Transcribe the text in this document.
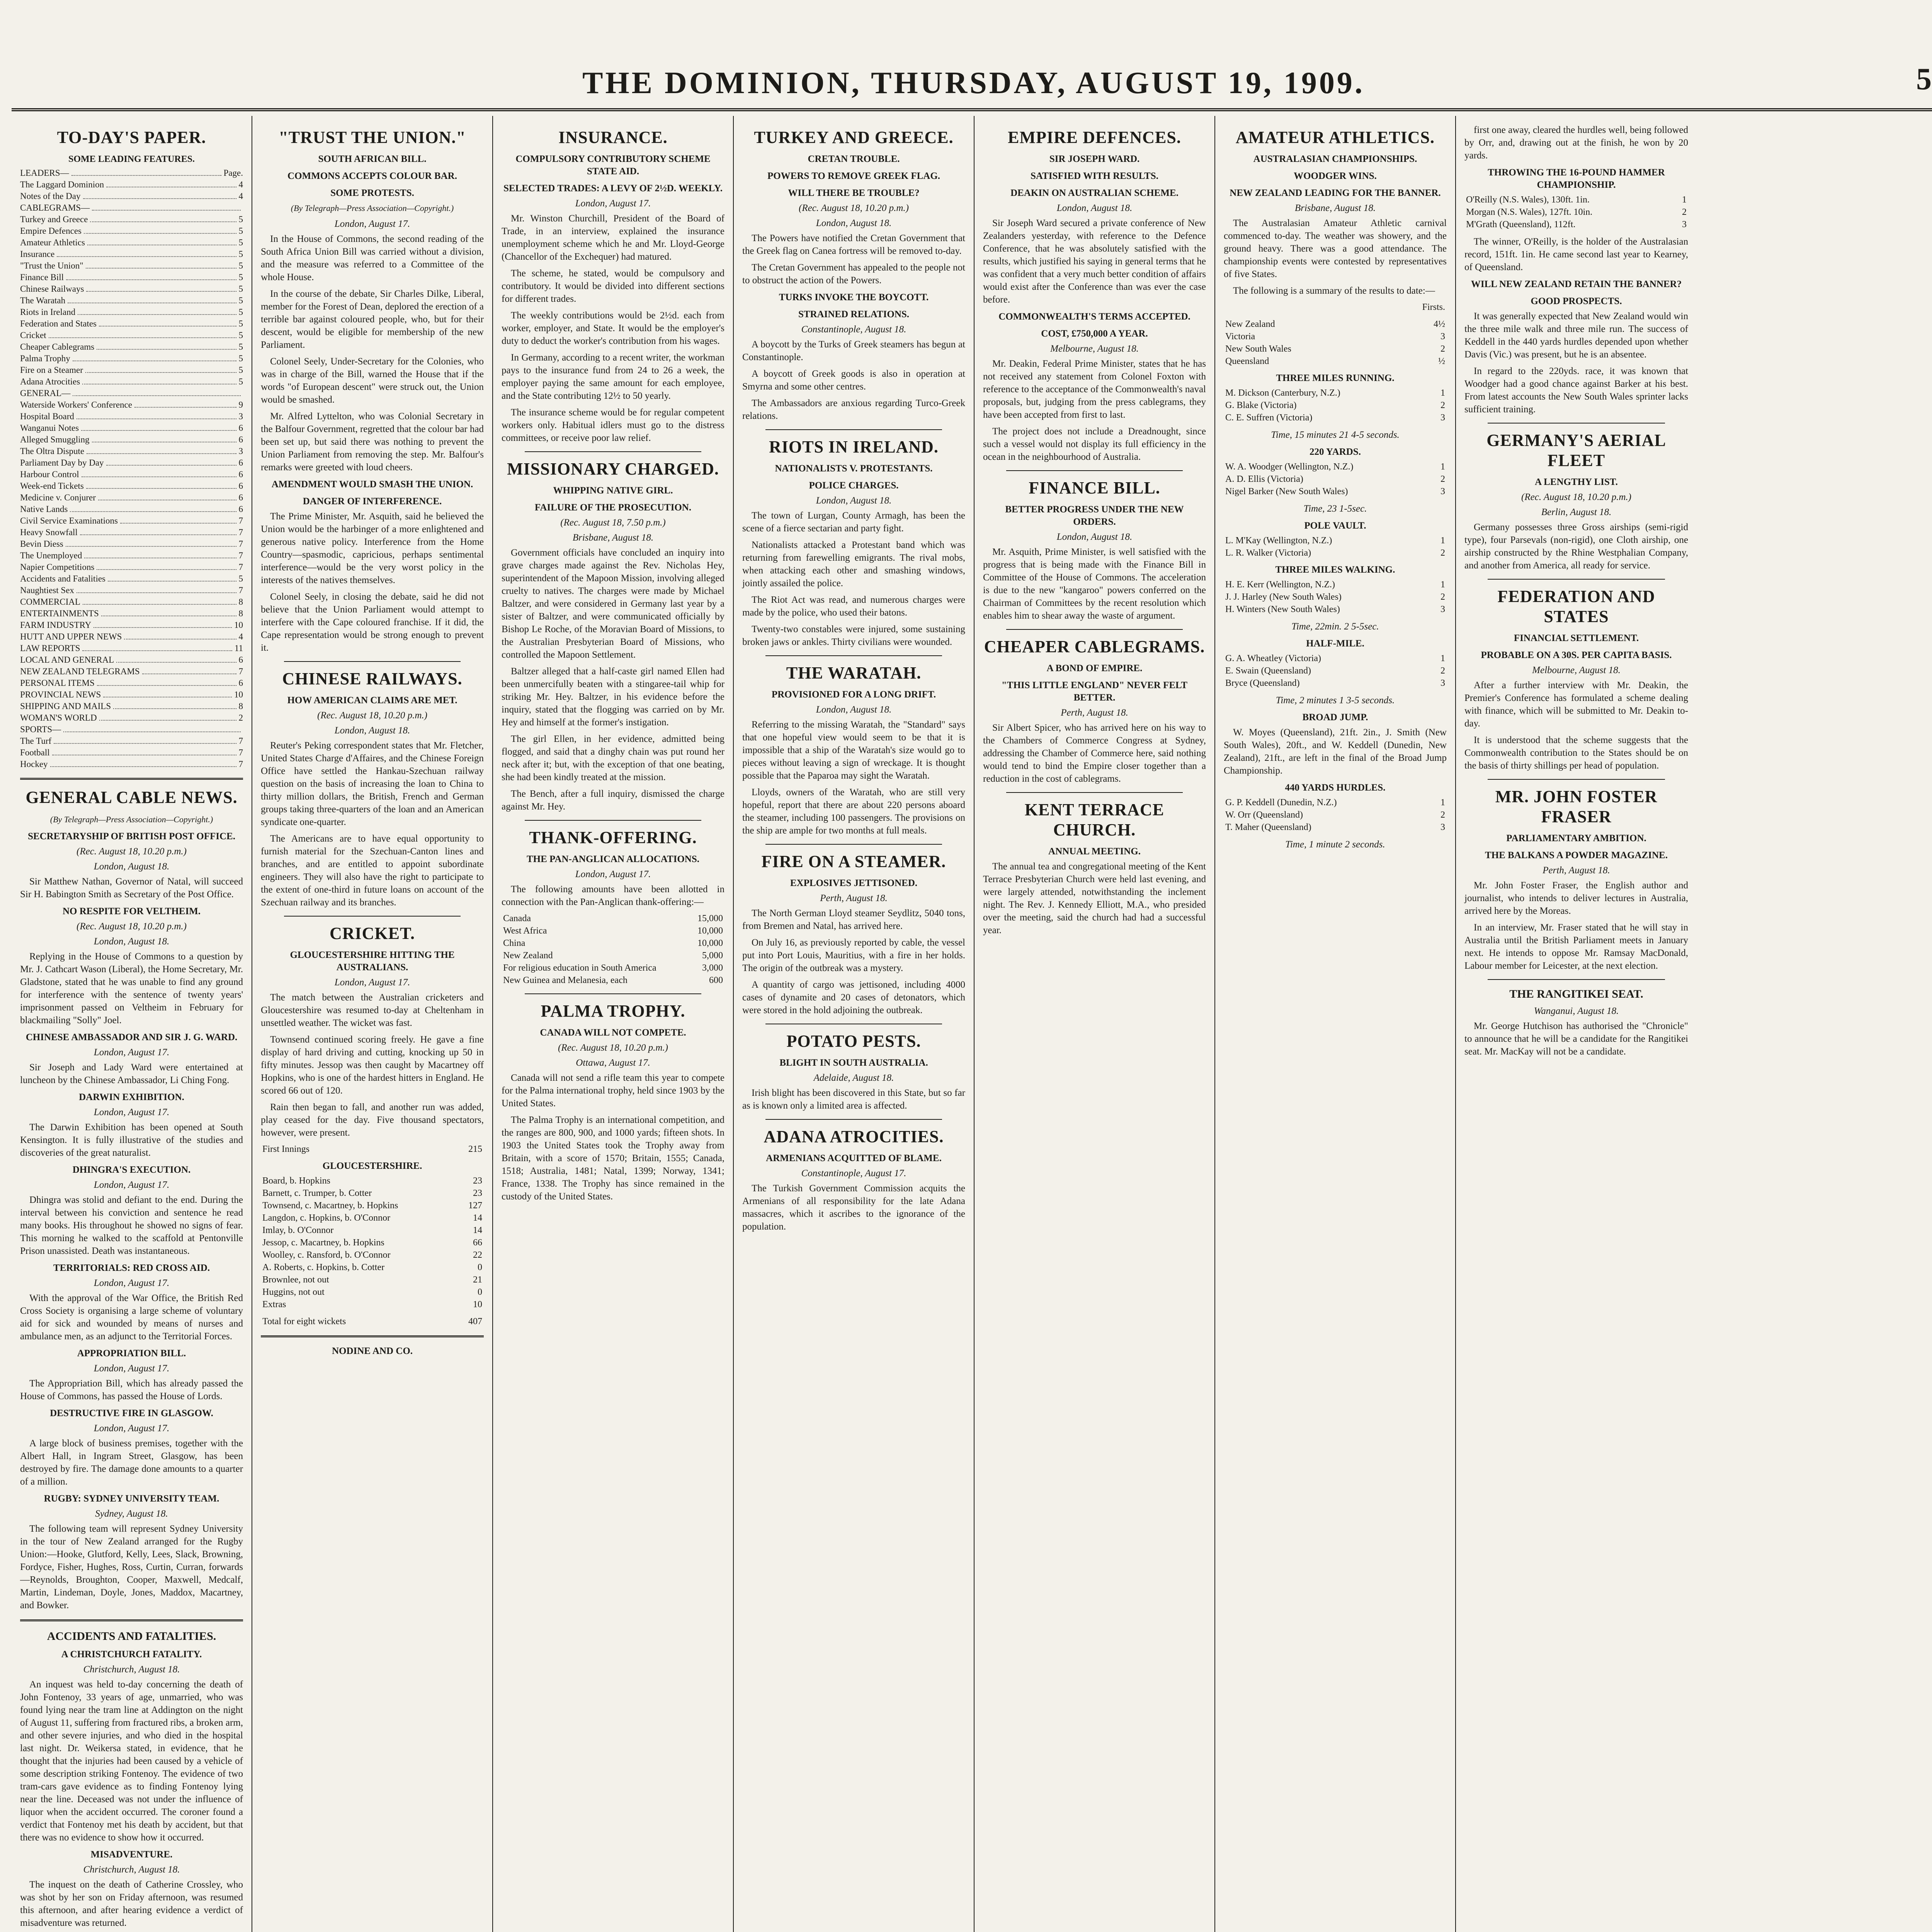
THE DOMINION, THURSDAY, AUGUST 19, 1909.	5
TO-DAY'S PAPER.
SOME LEADING FEATURES.
LEADERS—	Page.
The Laggard Dominion	4
Notes of the Day	4
CABLEGRAMS—
Turkey and Greece	5
Empire Defences	5
Amateur Athletics	5
Insurance	5
"Trust the Union"	5
Finance Bill	5
Chinese Railways	5
The Waratah	5
Riots in Ireland	5
Federation and States	5
Cricket	5
Cheaper Cablegrams	5
Palma Trophy	5
Fire on a Steamer	5
Adana Atrocities	5
GENERAL—
Waterside Workers' Conference	9
Hospital Board	3
Wanganui Notes	6
Alleged Smuggling	6
The Oltra Dispute	3
Parliament Day by Day	6
Harbour Control	6
Week-end Tickets	6
Medicine v. Conjurer	6
Native Lands	6
Civil Service Examinations	7
Heavy Snowfall	7
Bevin Diess	7
The Unemployed	7
Napier Competitions	7
Accidents and Fatalities	5
Naughtiest Sex	7
COMMERCIAL	8
ENTERTAINMENTS	8
FARM INDUSTRY	10
HUTT AND UPPER NEWS	4
LAW REPORTS	11
LOCAL AND GENERAL	6
NEW ZEALAND TELEGRAMS	7
PERSONAL ITEMS	6
PROVINCIAL NEWS	10
SHIPPING AND MAILS	8
WOMAN'S WORLD	2
SPORTS—
The Turf	7
Football	7
Hockey	7
GENERAL CABLE NEWS.

(By Telegraph—Press Association—Copyright.)

SECRETARYSHIP OF BRITISH POST OFFICE.

(Rec. August 18, 10.20 p.m.)

London, August 18.

Sir Matthew Nathan, Governor of Natal, will succeed Sir H. Babington Smith as Secretary of the Post Office.

NO RESPITE FOR VELTHEIM.

(Rec. August 18, 10.20 p.m.)

London, August 18.

Replying in the House of Commons to a question by Mr. J. Cathcart Wason (Liberal), the Home Secretary, Mr. Gladstone, stated that he was unable to find any ground for interference with the sentence of twenty years' imprisonment passed on Veltheim in February for blackmailing "Solly" Joel.

CHINESE AMBASSADOR AND SIR J. G. WARD.

London, August 17.

Sir Joseph and Lady Ward were entertained at luncheon by the Chinese Ambassador, Li Ching Fong.

DARWIN EXHIBITION.

London, August 17.

The Darwin Exhibition has been opened at South Kensington. It is fully illustrative of the studies and discoveries of the great naturalist.

DHINGRA'S EXECUTION.

London, August 17.

Dhingra was stolid and defiant to the end. During the interval between his conviction and sentence he read many books. His throughout he showed no signs of fear. This morning he walked to the scaffold at Pentonville Prison unassisted. Death was instantaneous.

TERRITORIALS: RED CROSS AID.

London, August 17.

With the approval of the War Office, the British Red Cross Society is organising a large scheme of voluntary aid for sick and wounded by means of nurses and ambulance men, as an adjunct to the Territorial Forces.

APPROPRIATION BILL.

London, August 17.

The Appropriation Bill, which has already passed the House of Commons, has passed the House of Lords.

DESTRUCTIVE FIRE IN GLASGOW.

London, August 17.

A large block of business premises, together with the Albert Hall, in Ingram Street, Glasgow, has been destroyed by fire. The damage done amounts to a quarter of a million.

RUGBY: SYDNEY UNIVERSITY TEAM.

Sydney, August 18.

The following team will represent Sydney University in the tour of New Zealand arranged for the Rugby Union:—Hooke, Glutford, Kelly, Lees, Slack, Browning, Fordyce, Fisher, Hughes, Ross, Curtin, Curran, forwards—Reynolds, Broughton, Cooper, Maxwell, Medcalf, Martin, Lindeman, Doyle, Jones, Maddox, Macartney, and Bowker.

ACCIDENTS AND FATALITIES.
A CHRISTCHURCH FATALITY.

Christchurch, August 18.

An inquest was held to-day concerning the death of John Fontenoy, 33 years of age, unmarried, who was found lying near the tram line at Addington on the night of August 11, suffering from fractured ribs, a broken arm, and other severe injuries, and who died in the hospital last night. Dr. Weikersa stated, in evidence, that he thought that the injuries had been caused by a vehicle of some description striking Fontenoy. The evidence of two tram-cars gave evidence as to finding Fontenoy lying near the line. Deceased was not under the influence of liquor when the accident occurred. The coroner found a verdict that Fontenoy met his death by accident, but that there was no evidence to show how it occurred.

MISADVENTURE.

Christchurch, August 18.

The inquest on the death of Catherine Crossley, who was shot by her son on Friday afternoon, was resumed this afternoon, and after hearing evidence a verdict of misadventure was returned.

"TRUST THE UNION."
SOUTH AFRICAN BILL.
COMMONS ACCEPTS COLOUR BAR.
SOME PROTESTS.

(By Telegraph—Press Association—Copyright.)

London, August 17.

In the House of Commons, the second reading of the South Africa Union Bill was carried without a division, and the measure was referred to a Committee of the whole House.

In the course of the debate, Sir Charles Dilke, Liberal, member for the Forest of Dean, deplored the erection of a terrible bar against coloured people, who, but for their descent, would be eligible for membership of the new Parliament.

Colonel Seely, Under-Secretary for the Colonies, who was in charge of the Bill, warned the House that if the words "of European descent" were struck out, the Union would be smashed.

Mr. Alfred Lyttelton, who was Colonial Secretary in the Balfour Government, regretted that the colour bar had been set up, but said there was nothing to prevent the Union Parliament from removing the step. Mr. Balfour's remarks were greeted with loud cheers.

AMENDMENT WOULD SMASH THE UNION.
DANGER OF INTERFERENCE.

The Prime Minister, Mr. Asquith, said he believed the Union would be the harbinger of a more enlightened and generous native policy. Interference from the Home Country—spasmodic, capricious, perhaps sentimental interference—would be the very worst policy in the interests of the natives themselves.

Colonel Seely, in closing the debate, said he did not believe that the Union Parliament would attempt to interfere with the Cape coloured franchise. If it did, the Cape representation would be strong enough to prevent it.

CHINESE RAILWAYS.
HOW AMERICAN CLAIMS ARE MET.

(Rec. August 18, 10.20 p.m.)

London, August 18.

Reuter's Peking correspondent states that Mr. Fletcher, United States Charge d'Affaires, and the Chinese Foreign Office have settled the Hankau-Szechuan railway question on the basis of increasing the loan to China to thirty million dollars, the British, French and German groups taking three-quarters of the loan and an American syndicate one-quarter.

The Americans are to have equal opportunity to furnish material for the Szechuan-Canton lines and branches, and are entitled to appoint subordinate engineers. They will also have the right to participate to the extent of one-third in future loans on account of the Szechuan railway and its branches.

CRICKET.
GLOUCESTERSHIRE HITTING THE AUSTRALIANS.

London, August 17.

The match between the Australian cricketers and Gloucestershire was resumed to-day at Cheltenham in unsettled weather. The wicket was fast.

Townsend continued scoring freely. He gave a fine display of hard driving and cutting, knocking up 50 in fifty minutes. Jessop was then caught by Macartney off Hopkins, who is one of the hardest hitters in England. He scored 66 out of 120.

Rain then began to fall, and another run was added, play ceased for the day. Five thousand spectators, however, were present.

First Innings	215
GLOUCESTERSHIRE.
Board, b. Hopkins	23
Barnett, c. Trumper, b. Cotter	23
Townsend, c. Macartney, b. Hopkins	127
Langdon, c. Hopkins, b. O'Connor	14
Imlay, b. O'Connor	14
Jessop, c. Macartney, b. Hopkins	66
Woolley, c. Ransford, b. O'Connor	22
A. Roberts, c. Hopkins, b. Cotter	0
Brownlee, not out	21
Huggins, not out	0
Extras	10
Total for eight wickets	407
NODINE AND CO.
INSURANCE.
COMPULSORY CONTRIBUTORY SCHEME STATE AID.
SELECTED TRADES: A LEVY OF 2½D. WEEKLY.

London, August 17.

Mr. Winston Churchill, President of the Board of Trade, in an interview, explained the insurance unemployment scheme which he and Mr. Lloyd-George (Chancellor of the Exchequer) had matured.

The scheme, he stated, would be compulsory and contributory. It would be divided into different sections for different trades.

The weekly contributions would be 2½d. each from worker, employer, and State. It would be the employer's duty to deduct the worker's contribution from his wages.

In Germany, according to a recent writer, the workman pays to the insurance fund from 24 to 26 a week, the employer paying the same amount for each employee, and the State contributing 12½ to 50 yearly.

The insurance scheme would be for regular competent workers only. Habitual idlers must go to the distress committees, or receive poor law relief.

MISSIONARY CHARGED.
WHIPPING NATIVE GIRL.
FAILURE OF THE PROSECUTION.

(Rec. August 18, 7.50 p.m.)

Brisbane, August 18.

Government officials have concluded an inquiry into grave charges made against the Rev. Nicholas Hey, superintendent of the Mapoon Mission, involving alleged cruelty to natives. The charges were made by Michael Baltzer, and were considered in Germany last year by a sister of Baltzer, and were communicated officially by Bishop Le Roche, of the Moravian Board of Missions, to the Australian Presbyterian Board of Missions, who controlled the Mapoon Settlement.

Baltzer alleged that a half-caste girl named Ellen had been unmercifully beaten with a stingaree-tail whip for striking Mr. Hey. Baltzer, in his evidence before the inquiry, stated that the flogging was carried on by Mr. Hey and himself at the former's instigation.

The girl Ellen, in her evidence, admitted being flogged, and said that a dinghy chain was put round her neck after it; but, with the exception of that one beating, she had been kindly treated at the mission.

The Bench, after a full inquiry, dismissed the charge against Mr. Hey.

THANK-OFFERING.
THE PAN-ANGLICAN ALLOCATIONS.

London, August 17.

The following amounts have been allotted in connection with the Pan-Anglican thank-offering:—

Canada	15,000
West Africa	10,000
China	10,000
New Zealand	5,000
For religious education in South America	3,000
New Guinea and Melanesia, each	600
PALMA TROPHY.
CANADA WILL NOT COMPETE.

(Rec. August 18, 10.20 p.m.)

Ottawa, August 17.

Canada will not send a rifle team this year to compete for the Palma international trophy, held since 1903 by the United States.

The Palma Trophy is an international competition, and the ranges are 800, 900, and 1000 yards; fifteen shots. In 1903 the United States took the Trophy away from Britain, with a score of 1570; Britain, 1555; Canada, 1518; Australia, 1481; Natal, 1399; Norway, 1341; France, 1338. The Trophy has since remained in the custody of the United States.

TURKEY AND GREECE.
CRETAN TROUBLE.
POWERS TO REMOVE GREEK FLAG.
WILL THERE BE TROUBLE?

(Rec. August 18, 10.20 p.m.)

London, August 18.

The Powers have notified the Cretan Government that the Greek flag on Canea fortress will be removed to-day.

The Cretan Government has appealed to the people not to obstruct the action of the Powers.

TURKS INVOKE THE BOYCOTT.
STRAINED RELATIONS.

Constantinople, August 18.

A boycott by the Turks of Greek steamers has begun at Constantinople.

A boycott of Greek goods is also in operation at Smyrna and some other centres.

The Ambassadors are anxious regarding Turco-Greek relations.

RIOTS IN IRELAND.
NATIONALISTS V. PROTESTANTS.
POLICE CHARGES.

London, August 18.

The town of Lurgan, County Armagh, has been the scene of a fierce sectarian and party fight.

Nationalists attacked a Protestant band which was returning from farewelling emigrants. The rival mobs, when attacking each other and smashing windows, jointly assailed the police.

The Riot Act was read, and numerous charges were made by the police, who used their batons.

Twenty-two constables were injured, some sustaining broken jaws or ankles. Thirty civilians were wounded.

THE WARATAH.
PROVISIONED FOR A LONG DRIFT.

London, August 18.

Referring to the missing Waratah, the "Standard" says that one hopeful view would seem to be that it is impossible that a ship of the Waratah's size would go to pieces without leaving a sign of wreckage. It is thought possible that the Paparoa may sight the Waratah.

Lloyds, owners of the Waratah, who are still very hopeful, report that there are about 220 persons aboard the steamer, including 100 passengers. The provisions on the ship are ample for two months at full meals.

FIRE ON A STEAMER.
EXPLOSIVES JETTISONED.

Perth, August 18.

The North German Lloyd steamer Seydlitz, 5040 tons, from Bremen and Natal, has arrived here.

On July 16, as previously reported by cable, the vessel put into Port Louis, Mauritius, with a fire in her holds. The origin of the outbreak was a mystery.

A quantity of cargo was jettisoned, including 4000 cases of dynamite and 20 cases of detonators, which were stored in the hold adjoining the outbreak.

POTATO PESTS.
BLIGHT IN SOUTH AUSTRALIA.

Adelaide, August 18.

Irish blight has been discovered in this State, but so far as is known only a limited area is affected.

ADANA ATROCITIES.
ARMENIANS ACQUITTED OF BLAME.

Constantinople, August 17.

The Turkish Government Commission acquits the Armenians of all responsibility for the late Adana massacres, which it ascribes to the ignorance of the population.

EMPIRE DEFENCES.
SIR JOSEPH WARD.
SATISFIED WITH RESULTS.
DEAKIN ON AUSTRALIAN SCHEME.

London, August 18.

Sir Joseph Ward secured a private conference of New Zealanders yesterday, with reference to the Defence Conference, that he was absolutely satisfied with the results, which justified his saying in general terms that he was confident that a very much better condition of affairs would exist after the Conference than was ever the case before.

COMMONWEALTH'S TERMS ACCEPTED.
COST, £750,000 A YEAR.

Melbourne, August 18.

Mr. Deakin, Federal Prime Minister, states that he has not received any statement from Colonel Foxton with reference to the acceptance of the Commonwealth's naval proposals, but, judging from the press cablegrams, they have been accepted from first to last.

The project does not include a Dreadnought, since such a vessel would not display its full efficiency in the ocean in the neighbourhood of Australia.

FINANCE BILL.
BETTER PROGRESS UNDER THE NEW ORDERS.

London, August 18.

Mr. Asquith, Prime Minister, is well satisfied with the progress that is being made with the Finance Bill in Committee of the House of Commons. The acceleration is due to the new "kangaroo" powers conferred on the Chairman of Committees by the recent resolution which enables him to shear away the waste of argument.

CHEAPER CABLEGRAMS.
A BOND OF EMPIRE.
"THIS LITTLE ENGLAND" NEVER FELT BETTER.

Perth, August 18.

Sir Albert Spicer, who has arrived here on his way to the Chambers of Commerce Congress at Sydney, addressing the Chamber of Commerce here, said nothing would tend to bind the Empire closer together than a reduction in the cost of cablegrams.

KENT TERRACE CHURCH.
ANNUAL MEETING.

The annual tea and congregational meeting of the Kent Terrace Presbyterian Church were held last evening, and were largely attended, notwithstanding the inclement night. The Rev. J. Kennedy Elliott, M.A., who presided over the meeting, said the church had had a successful year.

AMATEUR ATHLETICS.
AUSTRALASIAN CHAMPIONSHIPS.
WOODGER WINS.
NEW ZEALAND LEADING FOR THE BANNER.

Brisbane, August 18.

The Australasian Amateur Athletic carnival commenced to-day. The weather was showery, and the ground heavy. There was a good attendance. The championship events were contested by representatives of five States.

The following is a summary of the results to date:—

	Firsts.
New Zealand	4½
Victoria	3
New South Wales	2
Queensland	½
THREE MILES RUNNING.
M. Dickson (Canterbury, N.Z.)	1
G. Blake (Victoria)	2
C. E. Suffren (Victoria)	3

Time, 15 minutes 21 4-5 seconds.

220 YARDS.
W. A. Woodger (Wellington, N.Z.)	1
A. D. Ellis (Victoria)	2
Nigel Barker (New South Wales)	3

Time, 23 1-5sec.

POLE VAULT.
L. M'Kay (Wellington, N.Z.)	1
L. R. Walker (Victoria)	2
THREE MILES WALKING.
H. E. Kerr (Wellington, N.Z.)	1
J. J. Harley (New South Wales)	2
H. Winters (New South Wales)	3

Time, 22min. 2 5-5sec.

HALF-MILE.
G. A. Wheatley (Victoria)	1
E. Swain (Queensland)	2
Bryce (Queensland)	3

Time, 2 minutes 1 3-5 seconds.

BROAD JUMP.

W. Moyes (Queensland), 21ft. 2in., J. Smith (New South Wales), 20ft., and W. Keddell (Dunedin, New Zealand), 21ft., are left in the final of the Broad Jump Championship.

440 YARDS HURDLES.
G. P. Keddell (Dunedin, N.Z.)	1
W. Orr (Queensland)	2
T. Maher (Queensland)	3

Time, 1 minute 2 seconds.

first one away, cleared the hurdles well, being followed by Orr, and, drawing out at the finish, he won by 20 yards.

THROWING THE 16-POUND HAMMER CHAMPIONSHIP.
O'Reilly (N.S. Wales), 130ft. 1in.	1
Morgan (N.S. Wales), 127ft. 10in.	2
M'Grath (Queensland), 112ft.	3

The winner, O'Reilly, is the holder of the Australasian record, 151ft. 1in. He came second last year to Kearney, of Queensland.

WILL NEW ZEALAND RETAIN THE BANNER?
GOOD PROSPECTS.

It was generally expected that New Zealand would win the three mile walk and three mile run. The success of Keddell in the 440 yards hurdles depended upon whether Davis (Vic.) was present, but he is an absentee.

In regard to the 220yds. race, it was known that Woodger had a good chance against Barker at his best. From latest accounts the New South Wales sprinter lacks sufficient training.

GERMANY'S AERIAL FLEET
A LENGTHY LIST.

(Rec. August 18, 10.20 p.m.)

Berlin, August 18.

Germany possesses three Gross airships (semi-rigid type), four Parsevals (non-rigid), one Cloth airship, one airship constructed by the Rhine Westphalian Company, and another from America, all ready for service.

FEDERATION AND STATES
FINANCIAL SETTLEMENT.
PROBABLE ON A 30S. PER CAPITA BASIS.

Melbourne, August 18.

After a further interview with Mr. Deakin, the Premier's Conference has formulated a scheme dealing with finance, which will be submitted to Mr. Deakin to-day.

It is understood that the scheme suggests that the Commonwealth contribution to the States should be on the basis of thirty shillings per head of population.

MR. JOHN FOSTER FRASER
PARLIAMENTARY AMBITION.
THE BALKANS A POWDER MAGAZINE.

Perth, August 18.

Mr. John Foster Fraser, the English author and journalist, who intends to deliver lectures in Australia, arrived here by the Moreas.

In an interview, Mr. Fraser stated that he will stay in Australia until the British Parliament meets in January next. He intends to oppose Mr. Ramsay MacDonald, Labour member for Leicester, at the next election.

THE RANGITIKEI SEAT.

Wanganui, August 18.

Mr. George Hutchison has authorised the "Chronicle" to announce that he will be a candidate for the Rangitikei seat. Mr. MacKay will not be a candidate.
